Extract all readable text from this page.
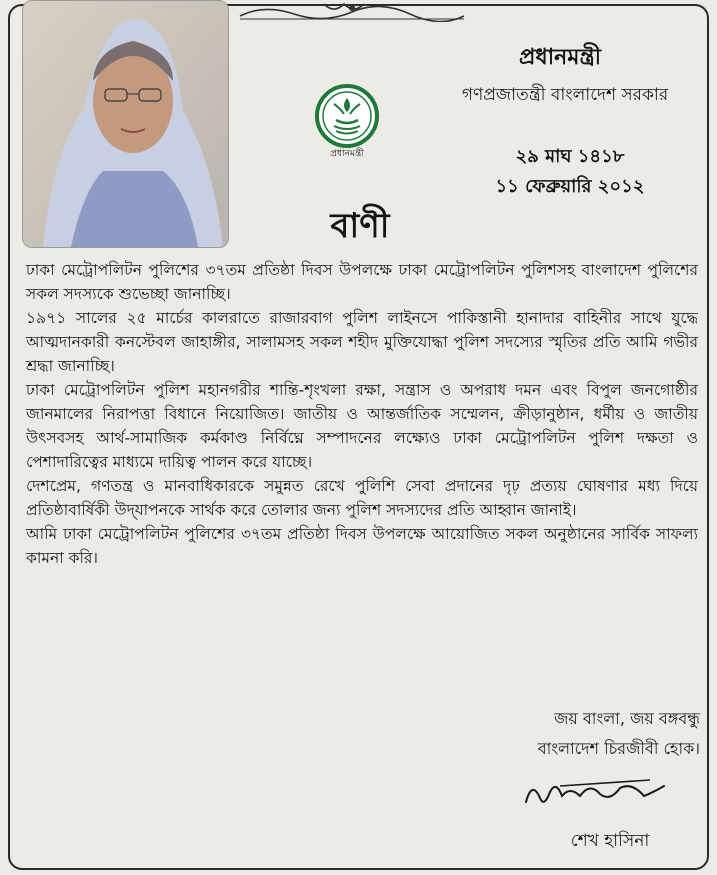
প্রধানমন্ত্রী
প্রধানমন্ত্রী
গণপ্রজাতন্ত্রী বাংলাদেশ সরকার
২৯ মাঘ ১৪১৮
১১ ফেব্রুয়ারি ২০১২
বাণী

ঢাকা মেট্রোপলিটন পুলিশের ৩৭তম প্রতিষ্ঠা দিবস উপলক্ষে ঢাকা মেট্রোপলিটন পুলিশসহ বাংলাদেশ পুলিশের সকল সদস্যকে শুভেচ্ছা জানাচ্ছি।

১৯৭১ সালের ২৫ মার্চের কালরাতে রাজারবাগ পুলিশ লাইনসে পাকিস্তানী হানাদার বাহিনীর সাথে যুদ্ধে আত্মদানকারী কনস্টেবল জাহাঙ্গীর, সালামসহ সকল শহীদ মুক্তিযোদ্ধা পুলিশ সদস্যের স্মৃতির প্রতি আমি গভীর শ্রদ্ধা জানাচ্ছি।

ঢাকা মেট্রোপলিটন পুলিশ মহানগরীর শান্তি-শৃংখলা রক্ষা, সন্ত্রাস ও অপরাধ দমন এবং বিপুল জনগোষ্ঠীর জানমালের নিরাপত্তা বিধানে নিয়োজিত। জাতীয় ও আন্তর্জাতিক সম্মেলন, ক্রীড়ানুষ্ঠান, ধর্মীয় ও জাতীয় উৎসবসহ আর্থ-সামাজিক কর্মকাণ্ড নির্বিঘ্নে সম্পাদনের লক্ষ্যেও ঢাকা মেট্রোপলিটন পুলিশ দক্ষতা ও পেশাদারিত্বের মাধ্যমে দায়িত্ব পালন করে যাচ্ছে।

দেশপ্রেম, গণতন্ত্র ও মানবাধিকারকে সমুন্নত রেখে পুলিশি সেবা প্রদানের দৃঢ় প্রত্যয় ঘোষণার মধ্য দিয়ে প্রতিষ্ঠাবার্ষিকী উদ্‌যাপনকে সার্থক করে তোলার জন্য পুলিশ সদস্যদের প্রতি আহ্বান জানাই।

আমি ঢাকা মেট্রোপলিটন পুলিশের ৩৭তম প্রতিষ্ঠা দিবস উপলক্ষে আয়োজিত সকল অনুষ্ঠানের সার্বিক সাফল্য কামনা করি।

জয় বাংলা, জয় বঙ্গবন্ধু
বাংলাদেশ চিরজীবী হোক।
শেখ হাসিনা
